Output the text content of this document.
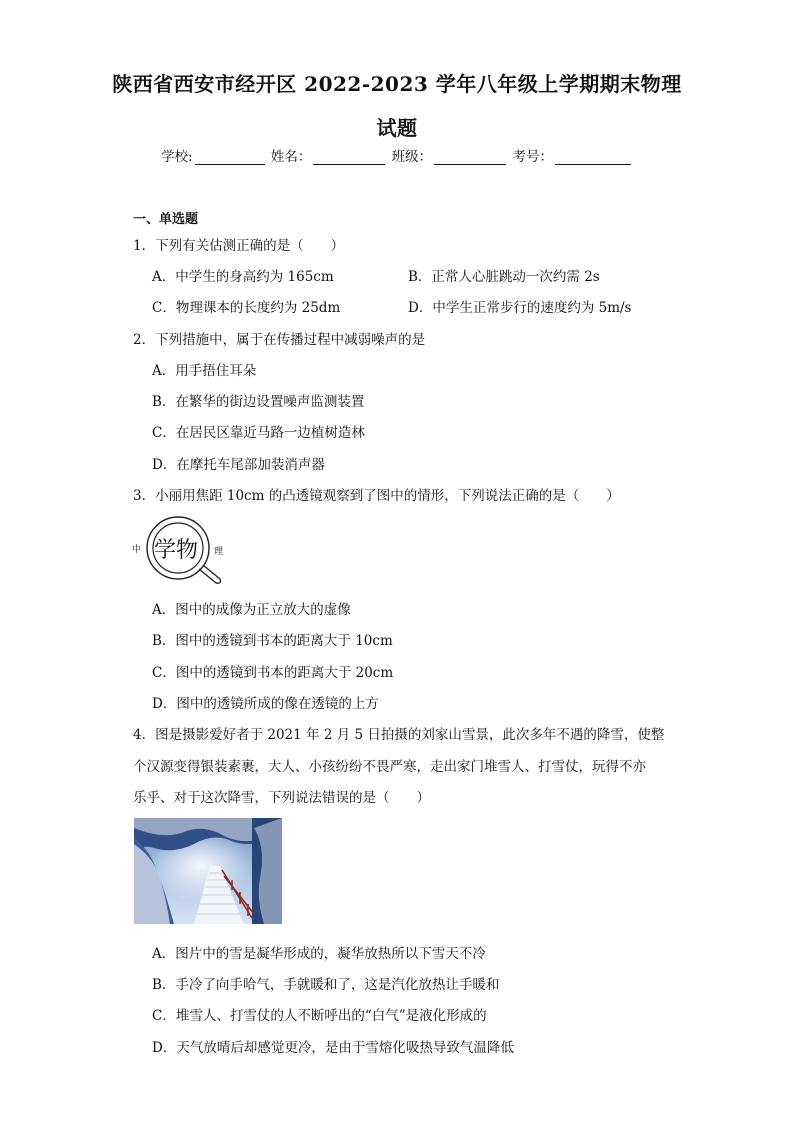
陕西省西安市经开区 2022-2023 学年八年级上学期期末物理
试题
学校:	姓名：	班级：	考号：
一、单选题
1．下列有关估测正确的是（　　）
A．中学生的身高约为 165cm	B．正常人心脏跳动一次约需 2s
C．物理课本的长度约为 25dm	D．中学生正常步行的速度约为 5m/s
2．下列措施中，属于在传播过程中减弱噪声的是
A．用手捂住耳朵
B．在繁华的街边设置噪声监测装置
C．在居民区靠近马路一边植树造林
D．在摩托车尾部加装消声器
3．小丽用焦距 10cm 的凸透镜观察到了图中的情形，下列说法正确的是（　　）
中 学物 理
A．图中的成像为正立放大的虚像
B．图中的透镜到书本的距离大于 10cm
C．图中的透镜到书本的距离大于 20cm
D．图中的透镜所成的像在透镜的上方
4．图是摄影爱好者于 2021 年 2 月 5 日拍摄的刘家山雪景，此次多年不遇的降雪，使整
个汉源变得银装素裹，大人、小孩纷纷不畏严寒，走出家门堆雪人、打雪仗，玩得不亦
乐乎、对于这次降雪，下列说法错误的是（　　）
A．图片中的雪是凝华形成的，凝华放热所以下雪天不冷
B．手冷了向手哈气，手就暖和了，这是汽化放热让手暖和
C．堆雪人、打雪仗的人不断呼出的“白气”是液化形成的
D．天气放晴后却感觉更冷，是由于雪熔化吸热导致气温降低
